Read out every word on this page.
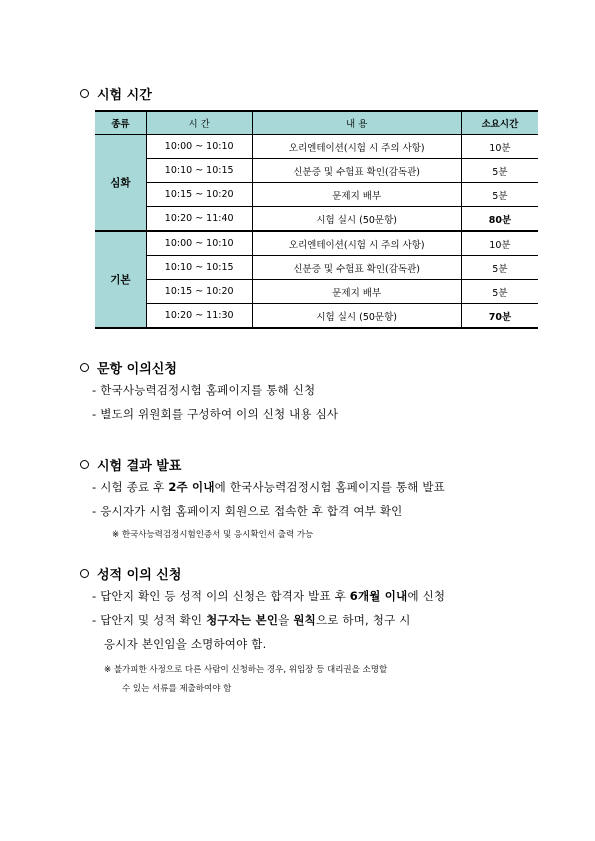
시험 시간
종류	시 간	내 용	소요시간
심화	10:00 ~ 10:10	오리엔테이션(시험 시 주의 사항)	10분
	10:10 ~ 10:15	신분증 및 수험표 확인(감독관)	5분
	10:15 ~ 10:20	문제지 배부	5분
	10:20 ~ 11:40	시험 실시 (50문항)	80분
기본	10:00 ~ 10:10	오리엔테이션(시험 시 주의 사항)	10분
	10:10 ~ 10:15	신분증 및 수험표 확인(감독관)	5분
	10:15 ~ 10:20	문제지 배부	5분
	10:20 ~ 11:30	시험 실시 (50문항)	70분
문항 이의신청
- 한국사능력검정시험 홈페이지를 통해 신청
- 별도의 위원회를 구성하여 이의 신청 내용 심사
시험 결과 발표
- 시험 종료 후 2주 이내에 한국사능력검정시험 홈페이지를 통해 발표
- 응시자가 시험 홈페이지 회원으로 접속한 후 합격 여부 확인
※ 한국사능력검정시험인증서 및 응시확인서 출력 가능
성적 이의 신청
- 답안지 확인 등 성적 이의 신청은 합격자 발표 후 6개월 이내에 신청
- 답안지 및 성적 확인 청구자는 본인을 원칙으로 하며, 청구 시
응시자 본인임을 소명하여야 함.
※ 불가피한 사정으로 다른 사람이 신청하는 경우, 위임장 등 대리권을 소명할
수 있는 서류를 제출하여야 함
